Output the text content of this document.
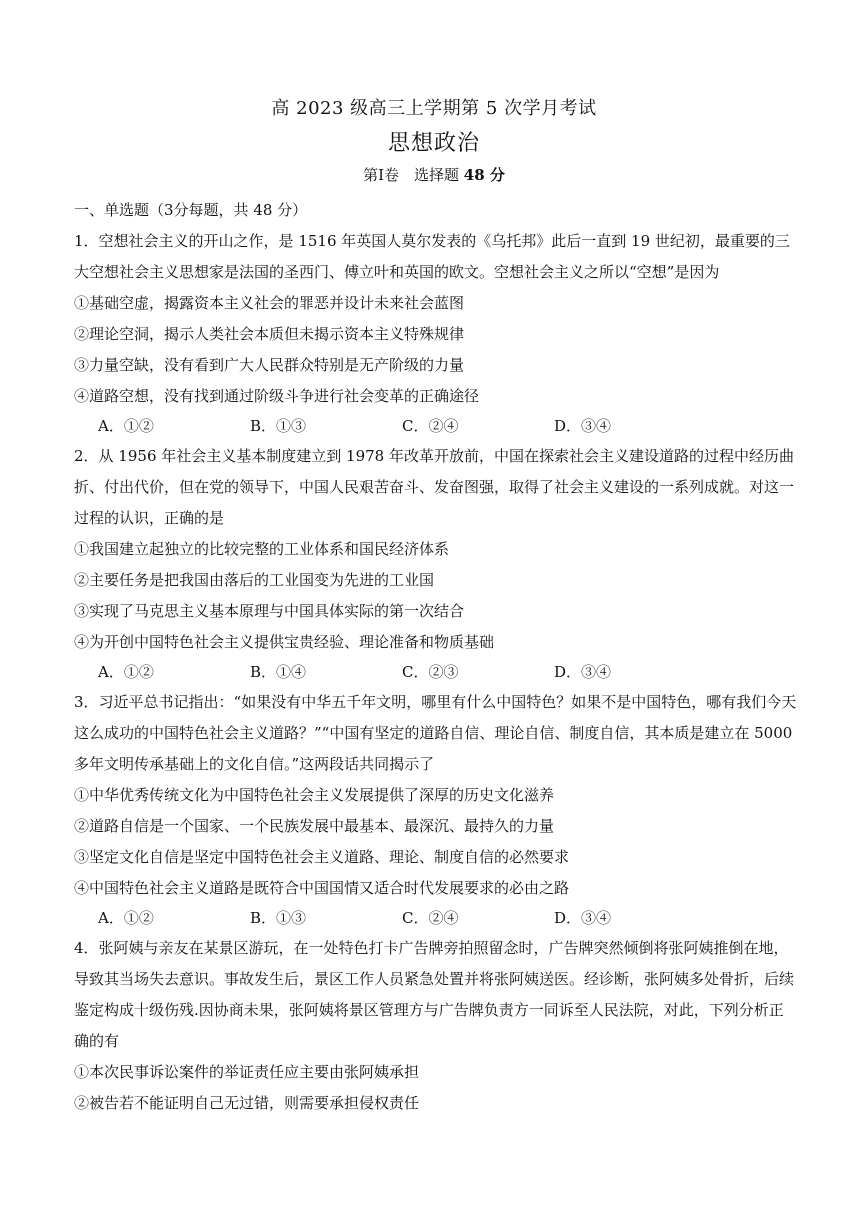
高 2023 级高三上学期第 5 次学月考试
思想政治
第Ⅰ卷　选择题 48 分
一、单选题（3分每题，共 48 分）
1．空想社会主义的开山之作，是 1516 年英国人莫尔发表的《乌托邦》此后一直到 19 世纪初，最重要的三大空想社会主义思想家是法国的圣西门、傅立叶和英国的欧文。空想社会主义之所以“空想”是因为
①基础空虚，揭露资本主义社会的罪恶并设计未来社会蓝图
②理论空洞，揭示人类社会本质但未揭示资本主义特殊规律
③力量空缺，没有看到广大人民群众特别是无产阶级的力量
④道路空想，没有找到通过阶级斗争进行社会变革的正确途径
A．①②	B．①③	C．②④	D．③④
2．从 1956 年社会主义基本制度建立到 1978 年改革开放前，中国在探索社会主义建设道路的过程中经历曲折、付出代价，但在党的领导下，中国人民艰苦奋斗、发奋图强，取得了社会主义建设的一系列成就。对这一过程的认识，正确的是
①我国建立起独立的比较完整的工业体系和国民经济体系
②主要任务是把我国由落后的工业国变为先进的工业国
③实现了马克思主义基本原理与中国具体实际的第一次结合
④为开创中国特色社会主义提供宝贵经验、理论准备和物质基础
A．①②	B．①④	C．②③	D．③④
3．习近平总书记指出：“如果没有中华五千年文明，哪里有什么中国特色？如果不是中国特色，哪有我们今天这么成功的中国特色社会主义道路？”“中国有坚定的道路自信、理论自信、制度自信，其本质是建立在 5000 多年文明传承基础上的文化自信。”这两段话共同揭示了
①中华优秀传统文化为中国特色社会主义发展提供了深厚的历史文化滋养
②道路自信是一个国家、一个民族发展中最基本、最深沉、最持久的力量
③坚定文化自信是坚定中国特色社会主义道路、理论、制度自信的必然要求
④中国特色社会主义道路是既符合中国国情又适合时代发展要求的必由之路
A．①②	B．①③	C．②④	D．③④
4．张阿姨与亲友在某景区游玩，在一处特色打卡广告牌旁拍照留念时，广告牌突然倾倒将张阿姨推倒在地，导致其当场失去意识。事故发生后，景区工作人员紧急处置并将张阿姨送医。经诊断，张阿姨多处骨折，后续鉴定构成十级伤残.因协商未果，张阿姨将景区管理方与广告牌负责方一同诉至人民法院，对此，下列分析正确的有
①本次民事诉讼案件的举证责任应主要由张阿姨承担
②被告若不能证明自己无过错，则需要承担侵权责任
